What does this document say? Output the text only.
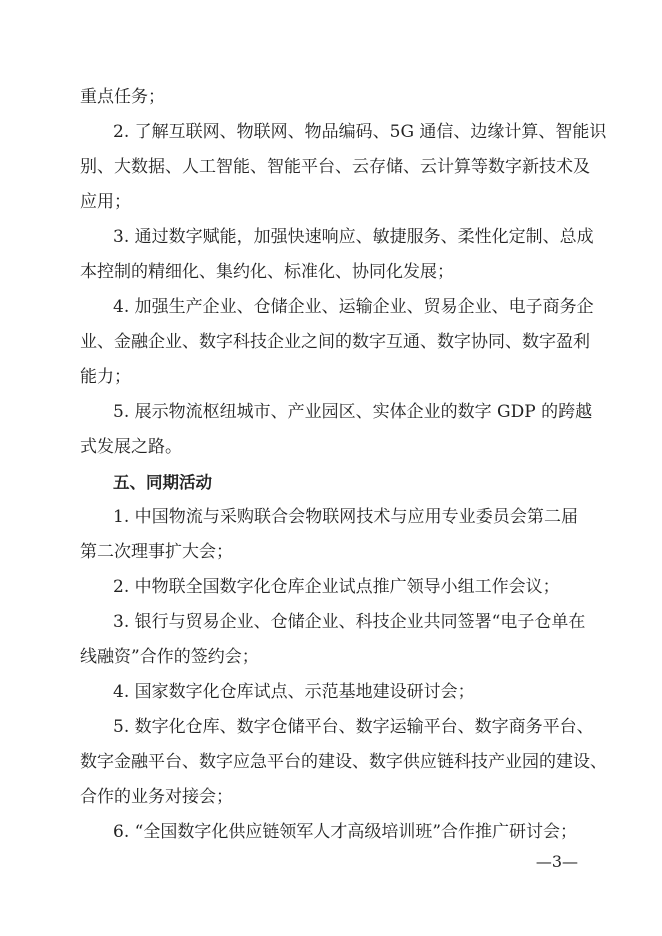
重点任务；
2. 了解互联网、物联网、物品编码、5G 通信、边缘计算、智能识
别、大数据、人工智能、智能平台、云存储、云计算等数字新技术及
应用；
3. 通过数字赋能，加强快速响应、敏捷服务、柔性化定制、总成
本控制的精细化、集约化、标准化、协同化发展；
4. 加强生产企业、仓储企业、运输企业、贸易企业、电子商务企
业、金融企业、数字科技企业之间的数字互通、数字协同、数字盈利
能力；
5. 展示物流枢纽城市、产业园区、实体企业的数字 GDP 的跨越
式发展之路。
五、同期活动
1. 中国物流与采购联合会物联网技术与应用专业委员会第二届
第二次理事扩大会；
2. 中物联全国数字化仓库企业试点推广领导小组工作会议；
3. 银行与贸易企业、仓储企业、科技企业共同签署“电子仓单在
线融资”合作的签约会；
4. 国家数字化仓库试点、示范基地建设研讨会；
5. 数字化仓库、数字仓储平台、数字运输平台、数字商务平台、
数字金融平台、数字应急平台的建设、数字供应链科技产业园的建设、
合作的业务对接会；
6. “全国数字化供应链领军人才高级培训班”合作推广研讨会；
—3—
